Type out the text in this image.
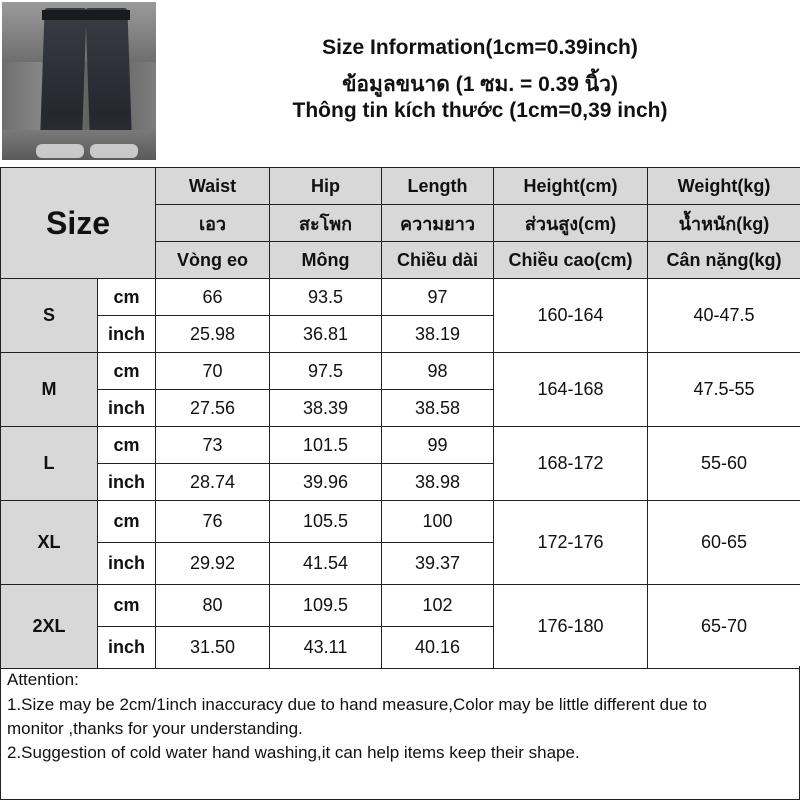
Size Information(1cm=0.39inch)
ข้อมูลขนาด (1 ซม. = 0.39 นิ้ว)
Thông tin kích thước (1cm=0,39 inch)
Size		Waist	Hip	Length	Height(cm)	Weight(kg)
		เอว	สะโพก	ความยาว	ส่วนสูง(cm)	น้ำหนัก(kg)
		Vòng eo	Mông	Chiều dài	Chiều cao(cm)	Cân nặng(kg)
S	cm	66	93.5	97	160-164	40-47.5
	inch	25.98	36.81	38.19		
M	cm	70	97.5	98	164-168	47.5-55
	inch	27.56	38.39	38.58		
L	cm	73	101.5	99	168-172	55-60
	inch	28.74	39.96	38.98		
XL	cm	76	105.5	100	172-176	60-65
	inch	29.92	41.54	39.37		
2XL	cm	80	109.5	102	176-180	65-70
	inch	31.50	43.11	40.16		
Attention:
1.Size may be 2cm/1inch inaccuracy due to hand measure,Color may be little different due to
monitor ,thanks for your understanding.
2.Suggestion of cold water hand washing,it can help items keep their shape.
